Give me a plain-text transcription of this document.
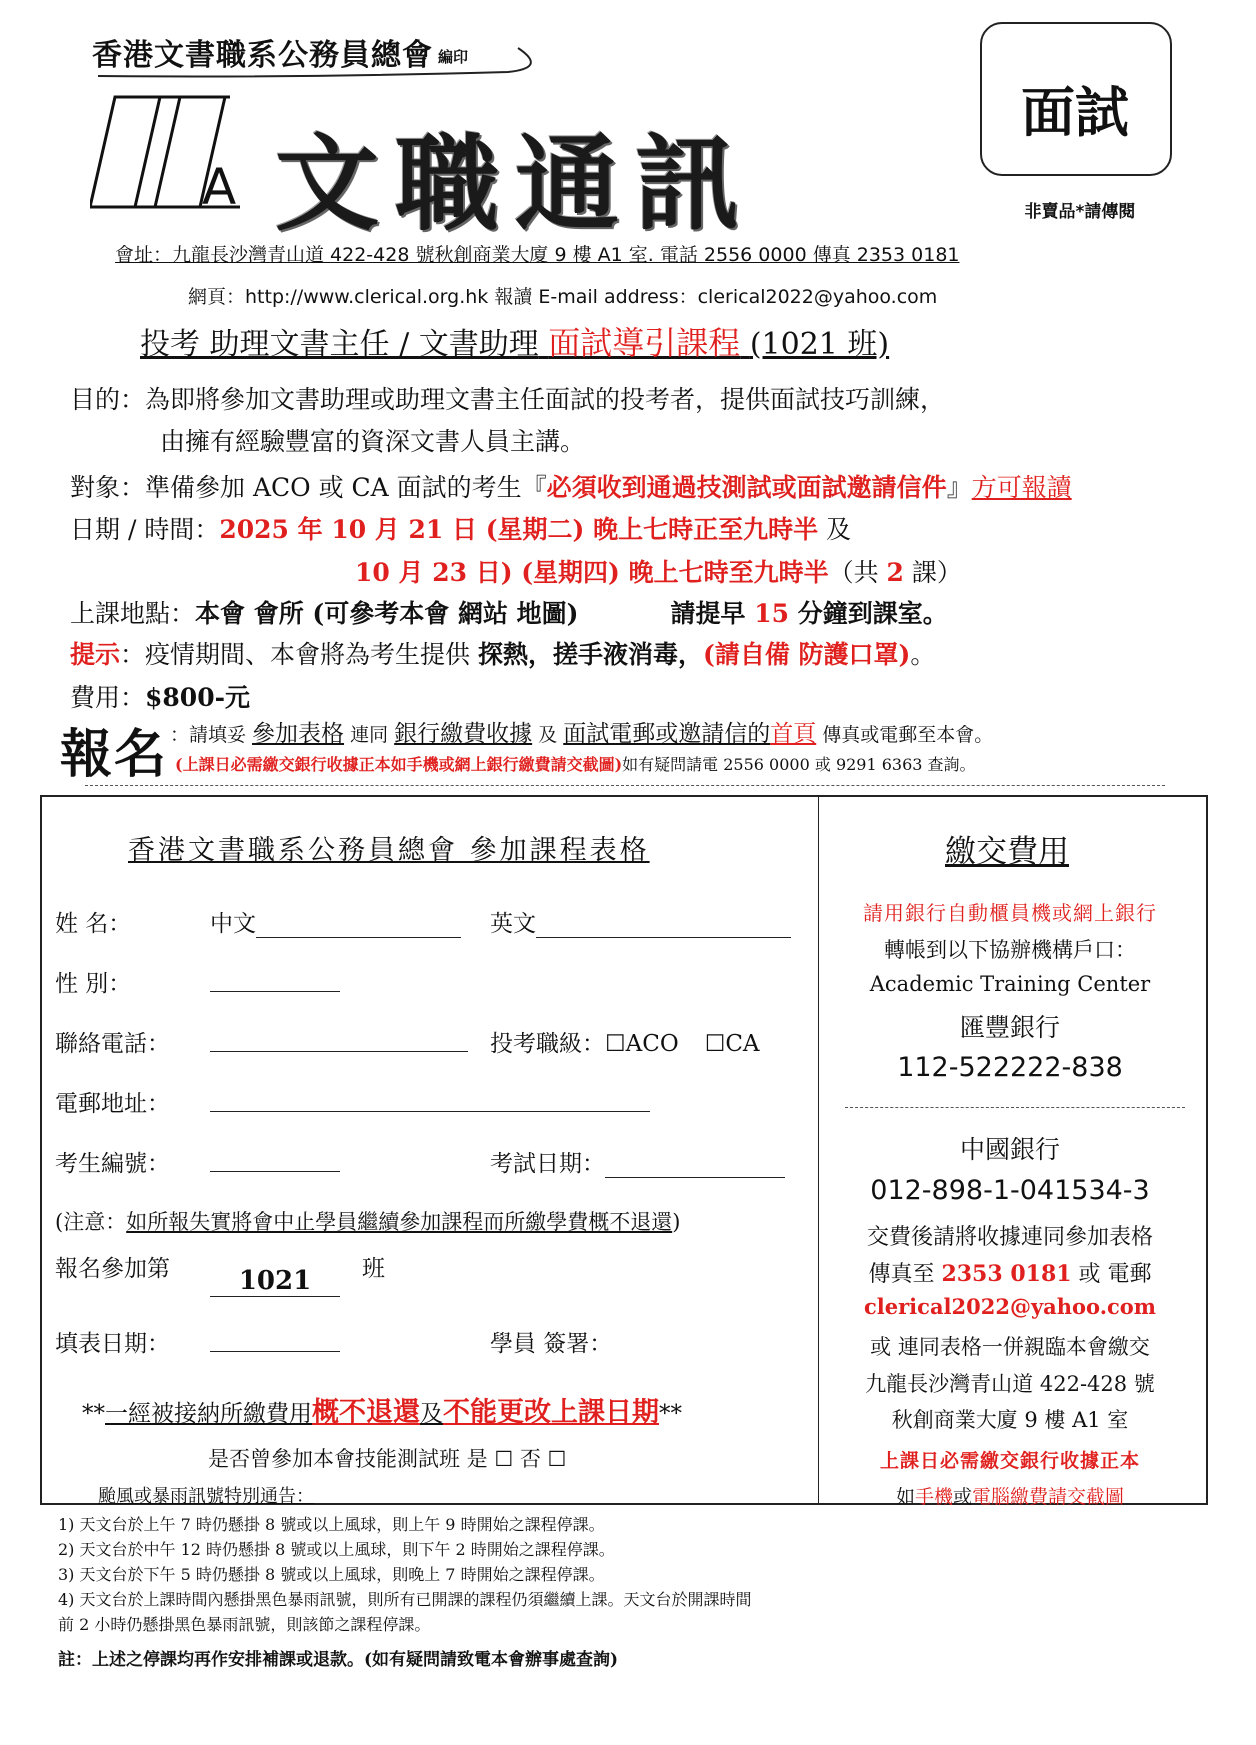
香港文書職系公務員總會 編印
A 文職通訊
面試
非賣品*請傳閱
會址：九龍長沙灣青山道 422-428 號秋創商業大廈 9 樓 A1 室. 電話 2556 0000 傳真 2353 0181
網頁：http://www.clerical.org.hk 報讀 E-mail address：clerical2022@yahoo.com
投考 助理文書主任 / 文書助理 面試導引課程 (1021 班)
目的：為即將參加文書助理或助理文書主任面試的投考者，提供面試技巧訓練，
由擁有經驗豐富的資深文書人員主講。
對象：準備參加 ACO 或 CA 面試的考生『必須收到通過技測試或面試邀請信件』方可報讀
日期 / 時間：2025 年 10 月 21 日 (星期二) 晚上七時正至九時半 及
10 月 23 日) (星期四) 晚上七時至九時半（共 2 課）
上課地點：本會 會所 (可參考本會 網站 地圖)	請提早 15 分鐘到課室。
提示：疫情期間、本會將為考生提供 探熱，搓手液消毒，(請自備 防護口罩)。
費用：$800-元
報名 ：請填妥 參加表格 連同 銀行繳費收據 及 面試電郵或邀請信的首頁 傳真或電郵至本會。
(上課日必需繳交銀行收據正本如手機或網上銀行繳費請交截圖)如有疑問請電 2556 0000 或 9291 6363 查詢。
香港文書職系公務員總會 參加課程表格
姓 名：	中文	英文
性 別：
聯絡電話：	投考職級：☐ACO ☐CA
電郵地址：
考生編號：	考試日期：
(注意：如所報失實將會中止學員繼續參加課程而所繳學費概不退還)
報名參加第	1021	班
填表日期：	學員 簽署：
**一經被接納所繳費用概不退還及不能更改上課日期**
是否曾參加本會技能測試班 是 ☐ 否 ☐
颱風或暴雨訊號特別通告：
繳交費用
請用銀行自動櫃員機或網上銀行
轉帳到以下協辦機構戶口：
Academic Training Center
匯豐銀行
112-522222-838
中國銀行
012-898-1-041534-3
交費後請將收據連同參加表格
傳真至 2353 0181 或 電郵
clerical2022@yahoo.com
或 連同表格一併親臨本會繳交
九龍長沙灣青山道 422-428 號
秋創商業大廈 9 樓 A1 室
上課日必需繳交銀行收據正本
如手機或電腦繳費請交截圖
1) 天文台於上午 7 時仍懸掛 8 號或以上風球，則上午 9 時開始之課程停課。
2) 天文台於中午 12 時仍懸掛 8 號或以上風球，則下午 2 時開始之課程停課。
3) 天文台於下午 5 時仍懸掛 8 號或以上風球，則晚上 7 時開始之課程停課。
4) 天文台於上課時間內懸掛黑色暴雨訊號，則所有已開課的課程仍須繼續上課。天文台於開課時間
前 2 小時仍懸掛黑色暴雨訊號，則該節之課程停課。
註：上述之停課均再作安排補課或退款。(如有疑問請致電本會辦事處查詢)
